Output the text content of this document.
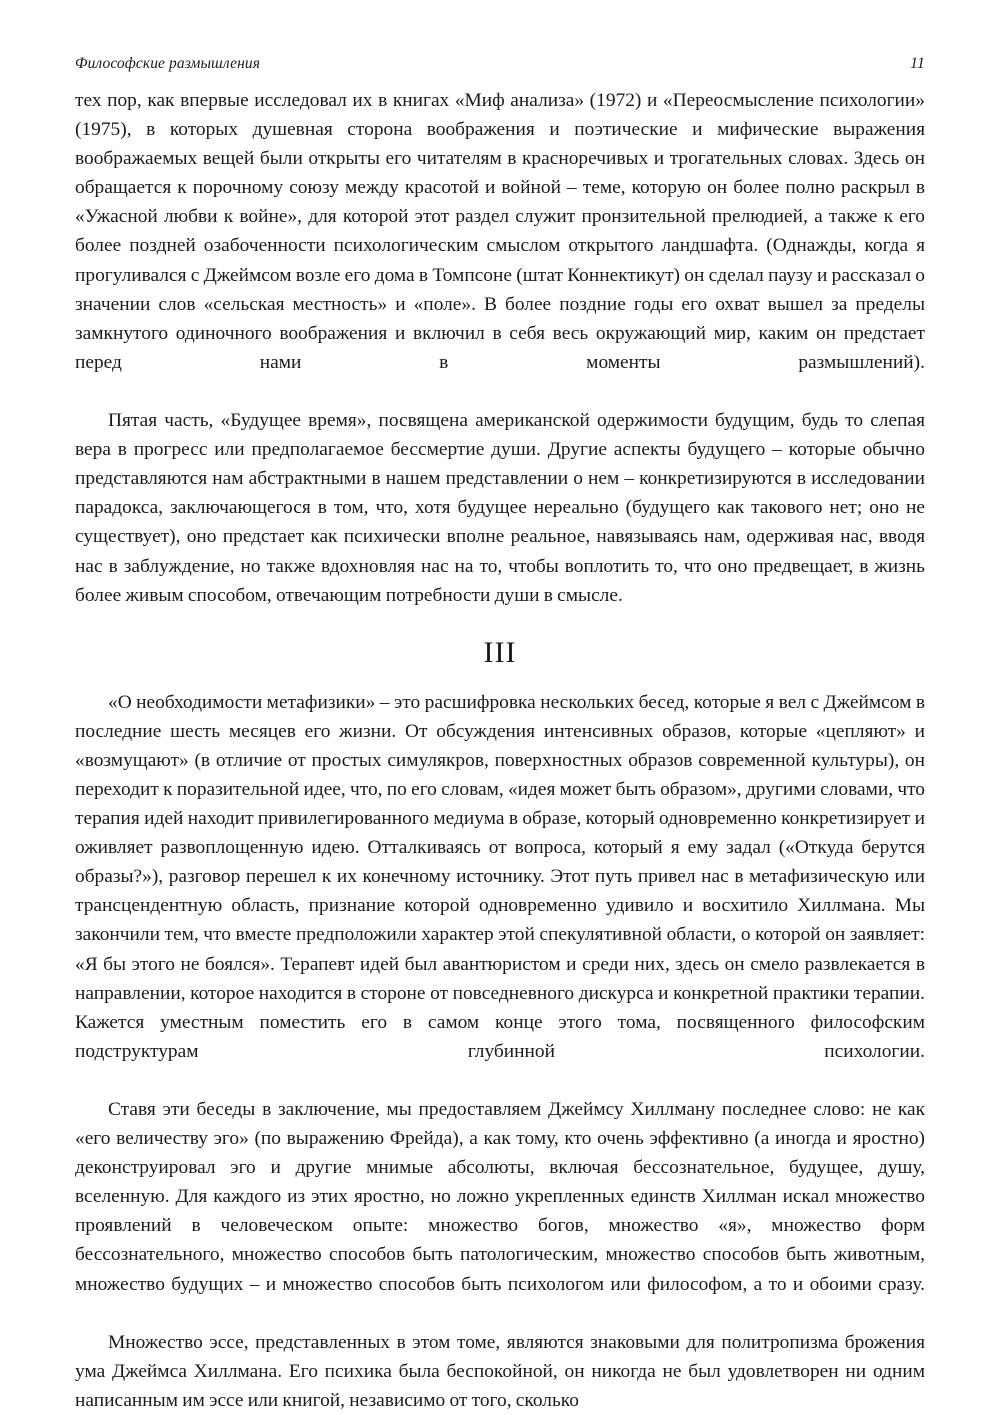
Философские размышления	11

тех пор, как впервые исследовал их в книгах «Миф анализа» (1972) и «Переосмысление психологии» (1975), в которых душевная сторона воображения и поэтические и мифические выражения воображаемых вещей были открыты его читателям в красноречивых и трогательных словах. Здесь он обращается к порочному союзу между красотой и войной – теме, которую он более полно раскрыл в «Ужасной любви к войне», для которой этот раздел служит пронзительной прелюдией, а также к его более поздней озабоченности психологическим смыслом открытого ландшафта. (Однажды, когда я прогуливался с Джеймсом возле его дома в Томпсоне (штат Коннектикут) он сделал паузу и рассказал о значении слов «сельская местность» и «поле». В более поздние годы его охват вышел за пределы замкнутого одиночного воображения и включил в себя весь окружающий мир, каким он предстает перед нами в моменты размышлений).

Пятая часть, «Будущее время», посвящена американской одержимости будущим, будь то слепая вера в прогресс или предполагаемое бессмертие души. Другие аспекты будущего – которые обычно представляются нам абстрактными в нашем представлении о нем – конкретизируются в исследовании парадокса, заключающегося в том, что, хотя будущее нереально (будущего как такового нет; оно не существует), оно предстает как психически вполне реальное, навязываясь нам, одерживая нас, вводя нас в заблуждение, но также вдохновляя нас на то, чтобы воплотить то, что оно предвещает, в жизнь более живым способом, отвечающим потребности души в смысле.

III

«О необходимости метафизики» – это расшифровка нескольких бесед, которые я вел с Джеймсом в последние шесть месяцев его жизни. От обсуждения интенсивных образов, которые «цепляют» и «возмущают» (в отличие от простых симулякров, поверхностных образов современной культуры), он переходит к поразительной идее, что, по его словам, «идея может быть образом», другими словами, что терапия идей находит привилегированного медиума в образе, который одновременно конкретизирует и оживляет развоплощенную идею. Отталкиваясь от вопроса, который я ему задал («Откуда берутся образы?»), разговор перешел к их конечному источнику. Этот путь привел нас в метафизическую или трансцендентную область, признание которой одновременно удивило и восхитило Хиллмана. Мы закончили тем, что вместе предположили характер этой спекулятивной области, о которой он заявляет: «Я бы этого не боялся». Терапевт идей был авантюристом и среди них, здесь он смело развлекается в направлении, которое находится в стороне от повседневного дискурса и конкретной практики терапии. Кажется уместным поместить его в самом конце этого тома, посвященного философским подструктурам глубинной психологии.

Ставя эти беседы в заключение, мы предоставляем Джеймсу Хиллману последнее слово: не как «его величеству эго» (по выражению Фрейда), а как тому, кто очень эффективно (а иногда и яростно) деконструировал эго и другие мнимые абсолюты, включая бессознательное, будущее, душу, вселенную. Для каждого из этих яростно, но ложно укрепленных единств Хиллман искал множество проявлений в человеческом опыте: множество богов, множество «я», множество форм бессознательного, множество способов быть патологическим, множество способов быть животным, множество будущих – и множество способов быть психологом или философом, а то и обоими сразу.

Множество эссе, представленных в этом томе, являются знаковыми для политропизма брожения ума Джеймса Хиллмана. Его психика была беспокойной, он никогда не был удовлетворен ни одним написанным им эссе или книгой, независимо от того, сколько
